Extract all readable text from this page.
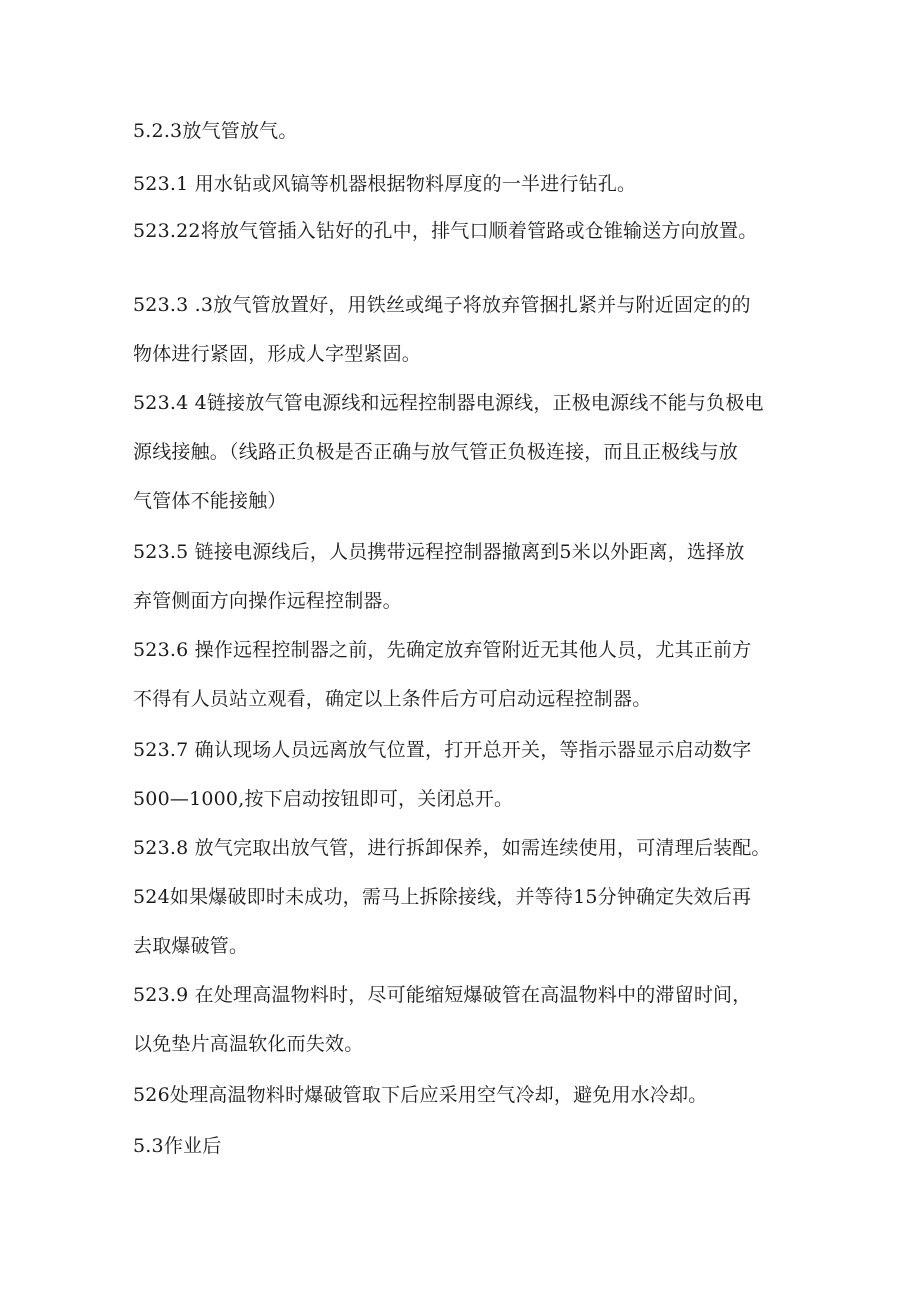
5.2.3放气管放气。
523.1 用水钻或风镐等机器根据物料厚度的一半进行钻孔。
523.22将放气管插入钻好的孔中，排气口顺着管路或仓锥输送方向放置。
523.3 .3放气管放置好，用铁丝或绳子将放弃管捆扎紧并与附近固定的的
物体进行紧固，形成人字型紧固。
523.4 4链接放气管电源线和远程控制器电源线，正极电源线不能与负极电
源线接触。（线路正负极是否正确与放气管正负极连接，而且正极线与放
气管体不能接触）
523.5 链接电源线后，人员携带远程控制器撤离到5米以外距离，选择放
弃管侧面方向操作远程控制器。
523.6 操作远程控制器之前，先确定放弃管附近无其他人员，尤其正前方
不得有人员站立观看，确定以上条件后方可启动远程控制器。
523.7 确认现场人员远离放气位置，打开总开关，等指示器显示启动数字
500—1000,按下启动按钮即可，关闭总开。
523.8 放气完取出放气管，进行拆卸保养，如需连续使用，可清理后装配。
524如果爆破即时未成功，需马上拆除接线，并等待15分钟确定失效后再
去取爆破管。
523.9 在处理高温物料时，尽可能缩短爆破管在高温物料中的滞留时间，
以免垫片高温软化而失效。
526处理高温物料时爆破管取下后应采用空气冷却，避免用水冷却。
5.3作业后
